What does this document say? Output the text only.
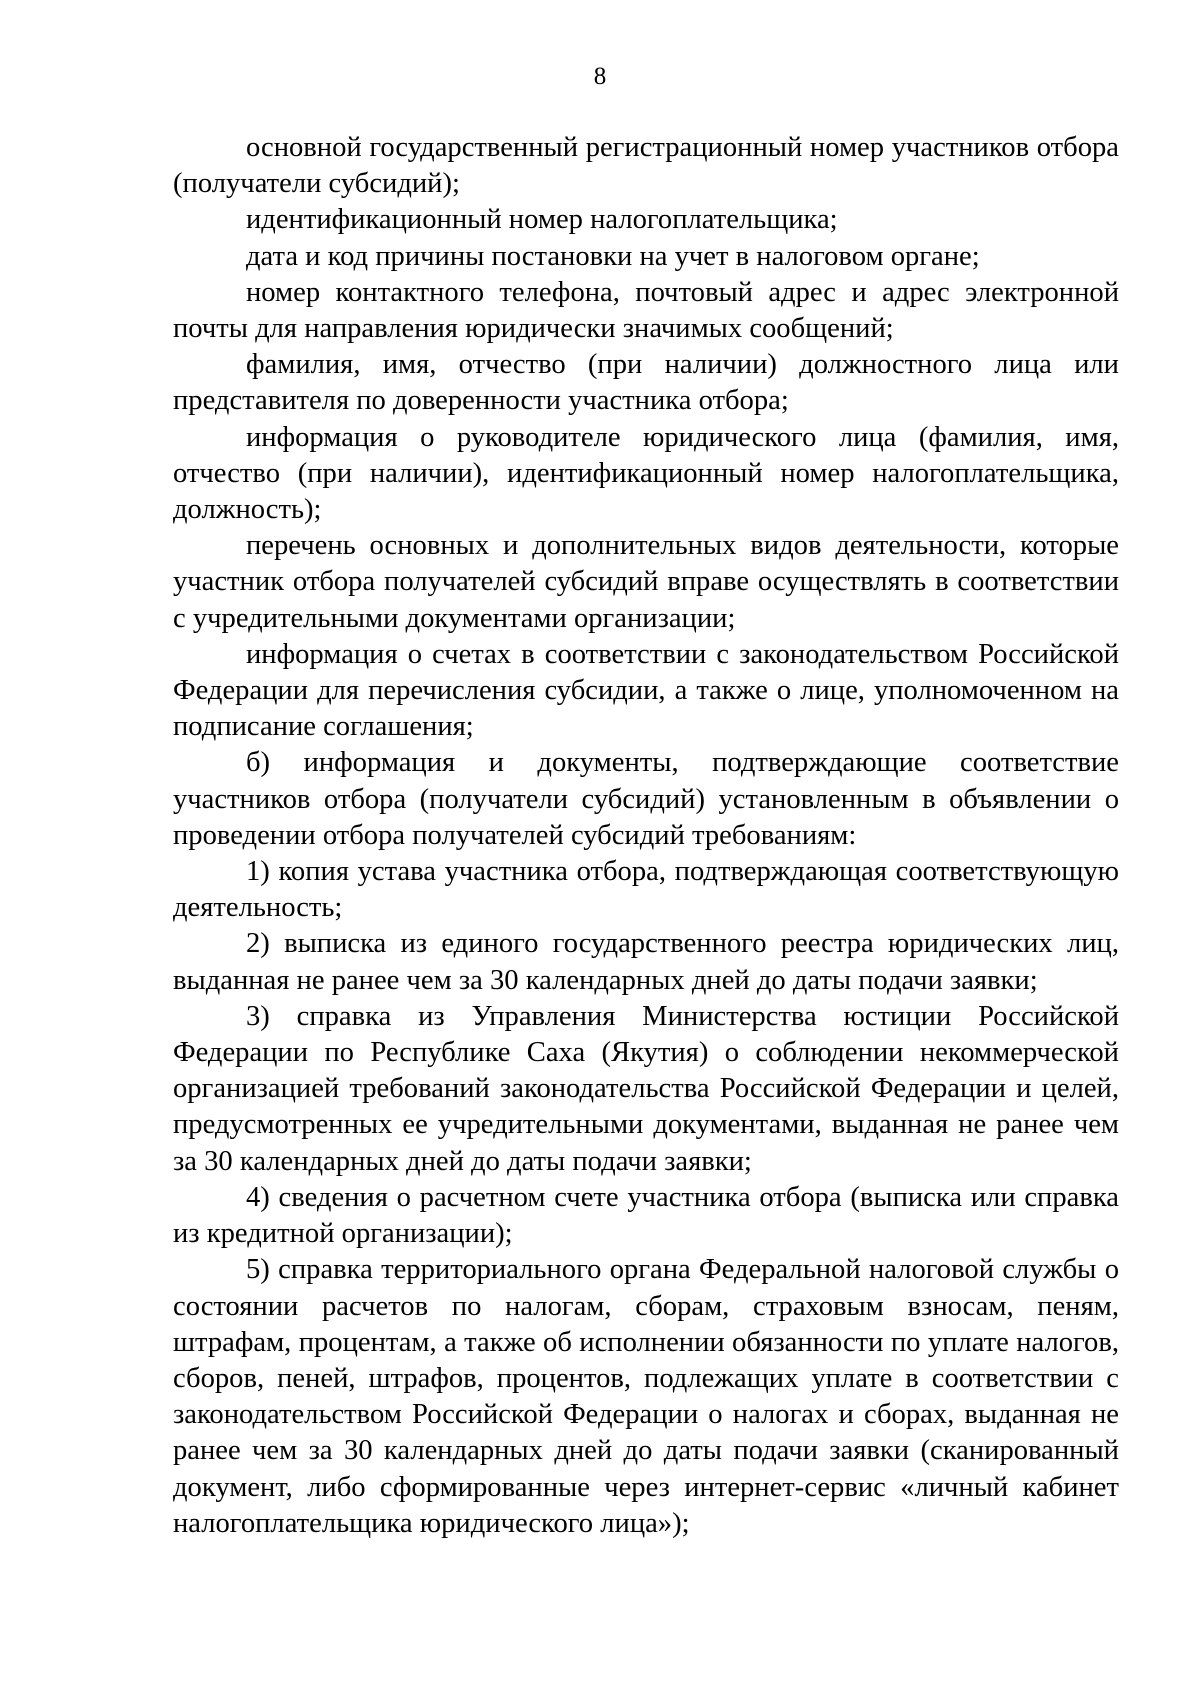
8

основной государственный регистрационный номер участников отбора (получатели субсидий);

идентификационный номер налогоплательщика;

дата и код причины постановки на учет в налоговом органе;

номер контактного телефона, почтовый адрес и адрес электронной почты для направления юридически значимых сообщений;

фамилия, имя, отчество (при наличии) должностного лица или представителя по доверенности участника отбора;

информация о руководителе юридического лица (фамилия, имя, отчество (при наличии), идентификационный номер налогоплательщика, должность);

перечень основных и дополнительных видов деятельности, которые участник отбора получателей субсидий вправе осуществлять в соответствии с учредительными документами организации;

информация о счетах в соответствии с законодательством Российской Федерации для перечисления субсидии, а также о лице, уполномоченном на подписание соглашения;

б) информация и документы, подтверждающие соответствие участников отбора (получатели субсидий) установленным в объявлении о проведении отбора получателей субсидий требованиям:

1) копия устава участника отбора, подтверждающая соответствующую деятельность;

2) выписка из единого государственного реестра юридических лиц, выданная не ранее чем за 30 календарных дней до даты подачи заявки;

3) справка из Управления Министерства юстиции Российской Федерации по Республике Саха (Якутия) о соблюдении некоммерческой организацией требований законодательства Российской Федерации и целей, предусмотренных ее учредительными документами, выданная не ранее чем за 30 календарных дней до даты подачи заявки;

4) сведения о расчетном счете участника отбора (выписка или справка из кредитной организации);

5) справка территориального органа Федеральной налоговой службы о состоянии расчетов по налогам, сборам, страховым взносам, пеням, штрафам, процентам, а также об исполнении обязанности по уплате налогов, сборов, пеней, штрафов, процентов, подлежащих уплате в соответствии с законодательством Российской Федерации о налогах и сборах, выданная не ранее чем за 30 календарных дней до даты подачи заявки (сканированный документ, либо сформированные через интернет-сервис «личный кабинет налогоплательщика юридического лица»);
